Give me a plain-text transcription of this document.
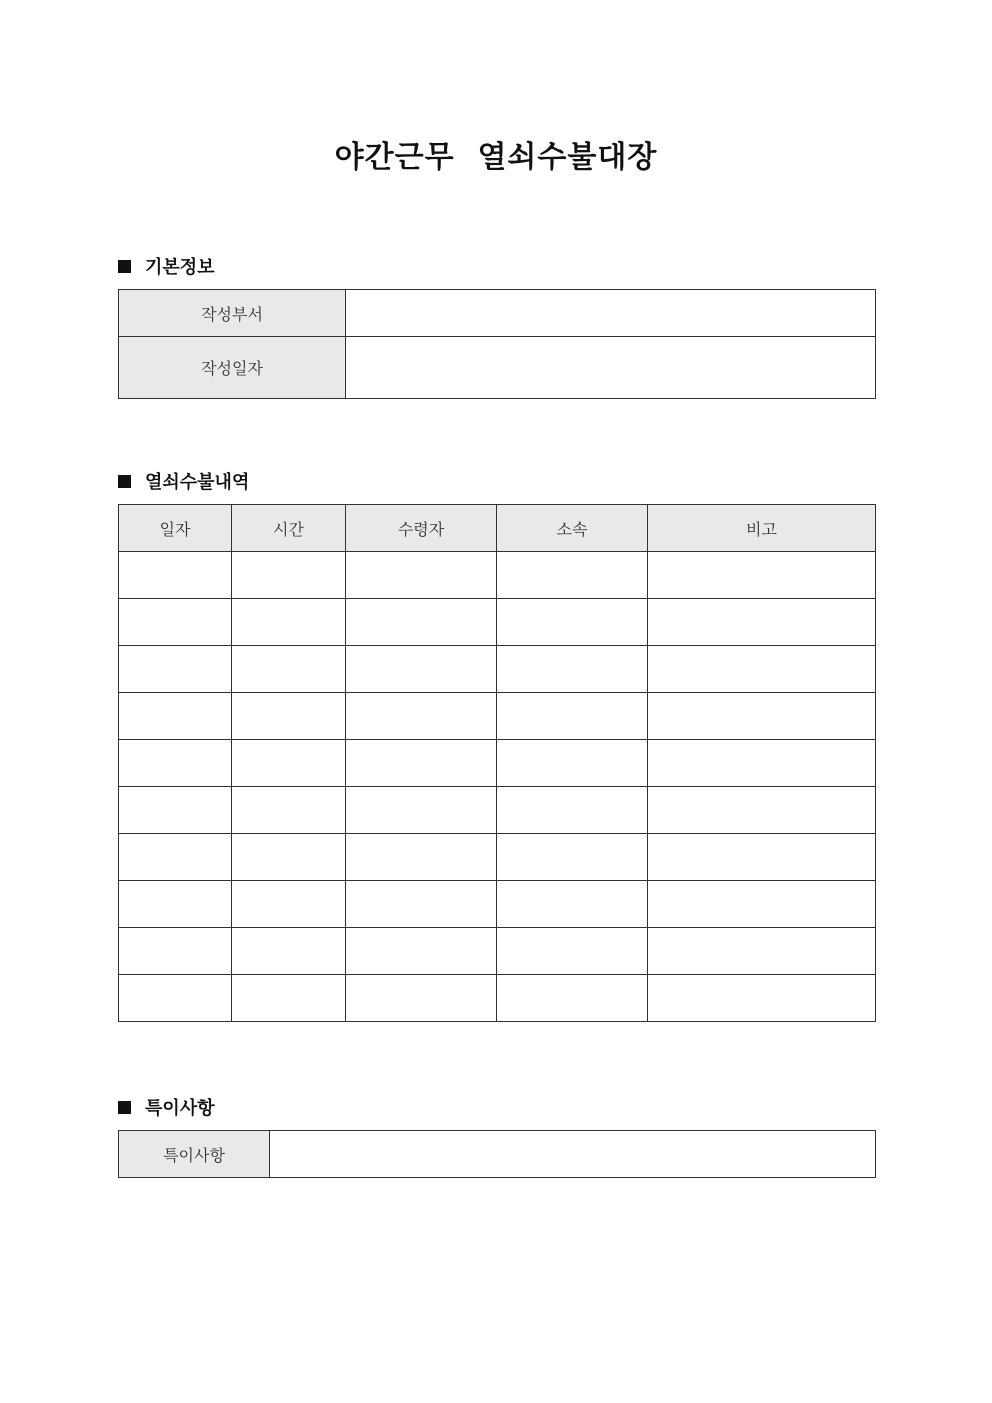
야간근무  열쇠수불대장
기본정보
작성부서	
작성일자	
열쇠수불내역
일자	시간	수령자	소속	비고

특이사항
특이사항	
